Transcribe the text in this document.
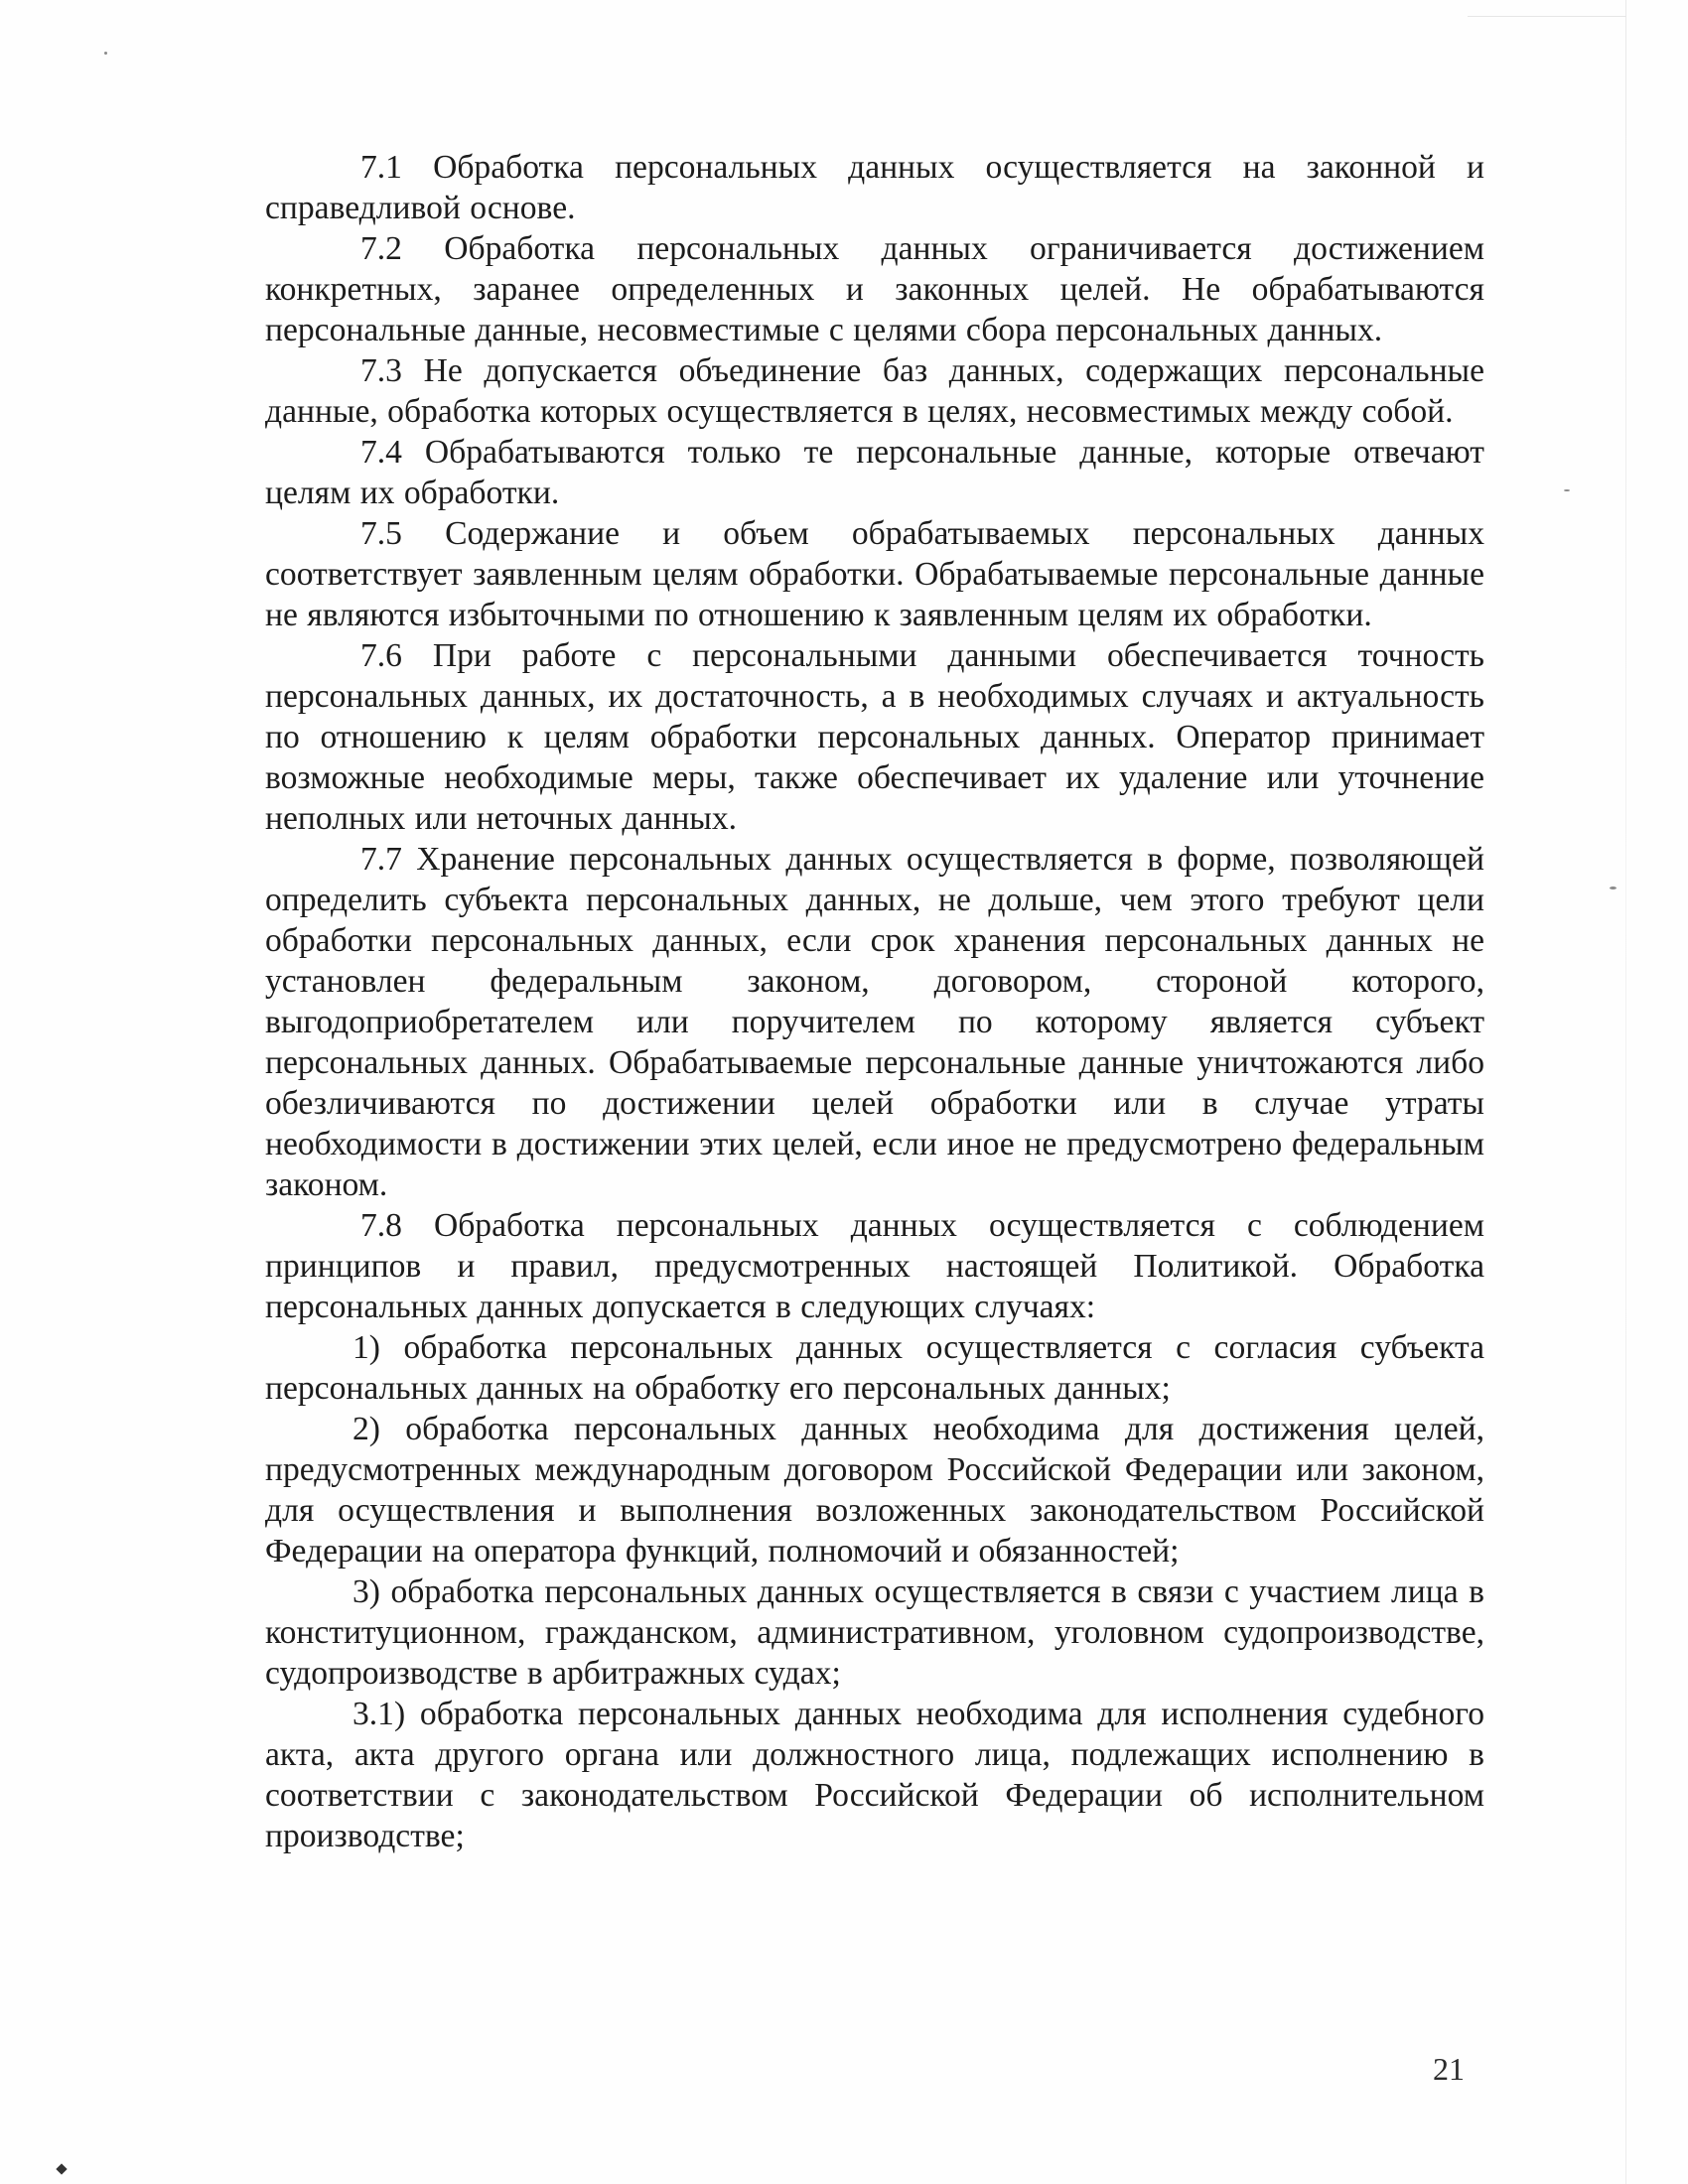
7.1 Обработка персональных данных осуществляется на законной и справедливой основе.

7.2 Обработка персональных данных ограничивается достижением конкретных, заранее определенных и законных целей. Не обрабатываются персональные данные, несовместимые с целями сбора персональных данных.

7.3 Не допускается объединение баз данных, содержащих персональные данные, обработка которых осуществляется в целях, несовместимых между собой.

7.4 Обрабатываются только те персональные данные, которые отвечают целям их обработки.

7.5 Содержание и объем обрабатываемых персональных данных соответствует заявленным целям обработки. Обрабатываемые персональные данные не являются избыточными по отношению к заявленным целям их обработки.

7.6 При работе с персональными данными обеспечивается точность персональных данных, их достаточность, а в необходимых случаях и актуальность по отношению к целям обработки персональных данных. Оператор принимает возможные необходимые меры, также обеспечивает их удаление или уточнение неполных или неточных данных.

7.7 Хранение персональных данных осуществляется в форме, позволяющей определить субъекта персональных данных, не дольше, чем этого требуют цели обработки персональных данных, если срок хранения персональных данных не установлен федеральным законом, договором, стороной которого, выгодоприобретателем или поручителем по которому является субъект персональных данных. Обрабатываемые персональные данные уничтожаются либо обезличиваются по достижении целей обработки или в случае утраты необходимости в достижении этих целей, если иное не предусмотрено федеральным законом.

7.8 Обработка персональных данных осуществляется с соблюдением принципов и правил, предусмотренных настоящей Политикой. Обработка персональных данных допускается в следующих случаях:

1) обработка персональных данных осуществляется с согласия субъекта персональных данных на обработку его персональных данных;

2) обработка персональных данных необходима для достижения целей, предусмотренных международным договором Российской Федерации или законом, для осуществления и выполнения возложенных законодательством Российской Федерации на оператора функций, полномочий и обязанностей;

3) обработка персональных данных осуществляется в связи с участием лица в конституционном, гражданском, административном, уголовном судопроизводстве, судопроизводстве в арбитражных судах;

3.1) обработка персональных данных необходима для исполнения судебного акта, акта другого органа или должностного лица, подлежащих исполнению в соответствии с законодательством Российской Федерации об исполнительном производстве;

21
